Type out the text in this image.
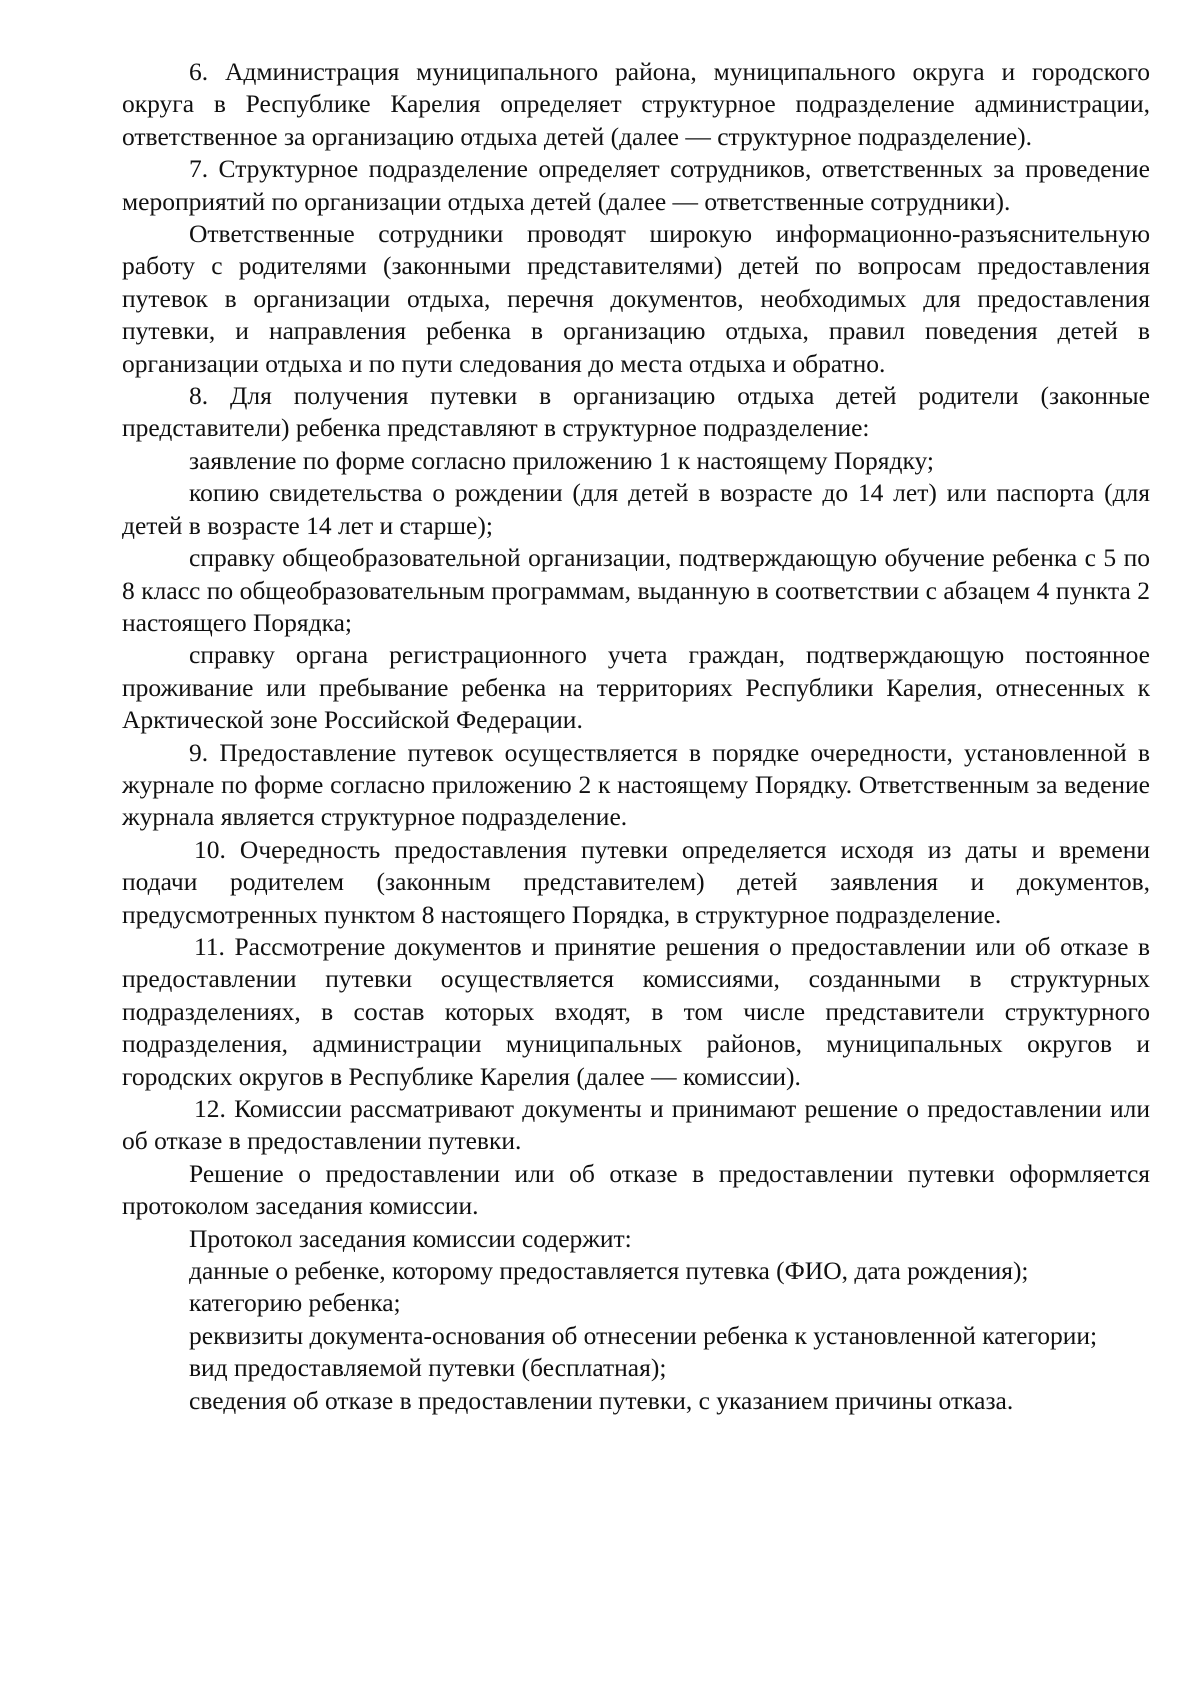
6. Администрация муниципального района, муниципального округа и городского округа в Республике Карелия определяет структурное подразделение администрации, ответственное за организацию отдыха детей (далее — структурное подразделение).

7. Структурное подразделение определяет сотрудников, ответственных за проведение мероприятий по организации отдыха детей (далее — ответственные сотрудники).

Ответственные сотрудники проводят широкую информационно-разъяснительную работу с родителями (законными представителями) детей по вопросам предоставления путевок в организации отдыха, перечня документов, необходимых для предоставления путевки, и направления ребенка в организацию отдыха, правил поведения детей в организации отдыха и по пути следования до места отдыха и обратно.

8. Для получения путевки в организацию отдыха детей родители (законные представители) ребенка представляют в структурное подразделение:

заявление по форме согласно приложению 1 к настоящему Порядку;

копию свидетельства о рождении (для детей в возрасте до 14 лет) или паспорта (для детей в возрасте 14 лет и старше);

справку общеобразовательной организации, подтверждающую обучение ребенка с 5 по 8 класс по общеобразовательным программам, выданную в соответствии с абзацем 4 пункта 2 настоящего Порядка;

справку органа регистрационного учета граждан, подтверждающую постоянное проживание или пребывание ребенка на территориях Республики Карелия, отнесенных к Арктической зоне Российской Федерации.

9. Предоставление путевок осуществляется в порядке очередности, установленной в журнале по форме согласно приложению 2 к настоящему Порядку. Ответственным за ведение журнала является структурное подразделение.

10. Очередность предоставления путевки определяется исходя из даты и времени подачи родителем (законным представителем) детей заявления и документов, предусмотренных пунктом 8 настоящего Порядка, в структурное подразделение.

11. Рассмотрение документов и принятие решения о предоставлении или об отказе в предоставлении путевки осуществляется комиссиями, созданными в структурных подразделениях, в состав которых входят, в том числе представители структурного подразделения, администрации муниципальных районов, муниципальных округов и городских округов в Республике Карелия (далее — комиссии).

12. Комиссии рассматривают документы и принимают решение о предоставлении или об отказе в предоставлении путевки.

Решение о предоставлении или об отказе в предоставлении путевки оформляется протоколом заседания комиссии.

Протокол заседания комиссии содержит:

данные о ребенке, которому предоставляется путевка (ФИО, дата рождения);

категорию ребенка;

реквизиты документа-основания об отнесении ребенка к установленной категории;

вид предоставляемой путевки (бесплатная);

сведения об отказе в предоставлении путевки, с указанием причины отказа.
